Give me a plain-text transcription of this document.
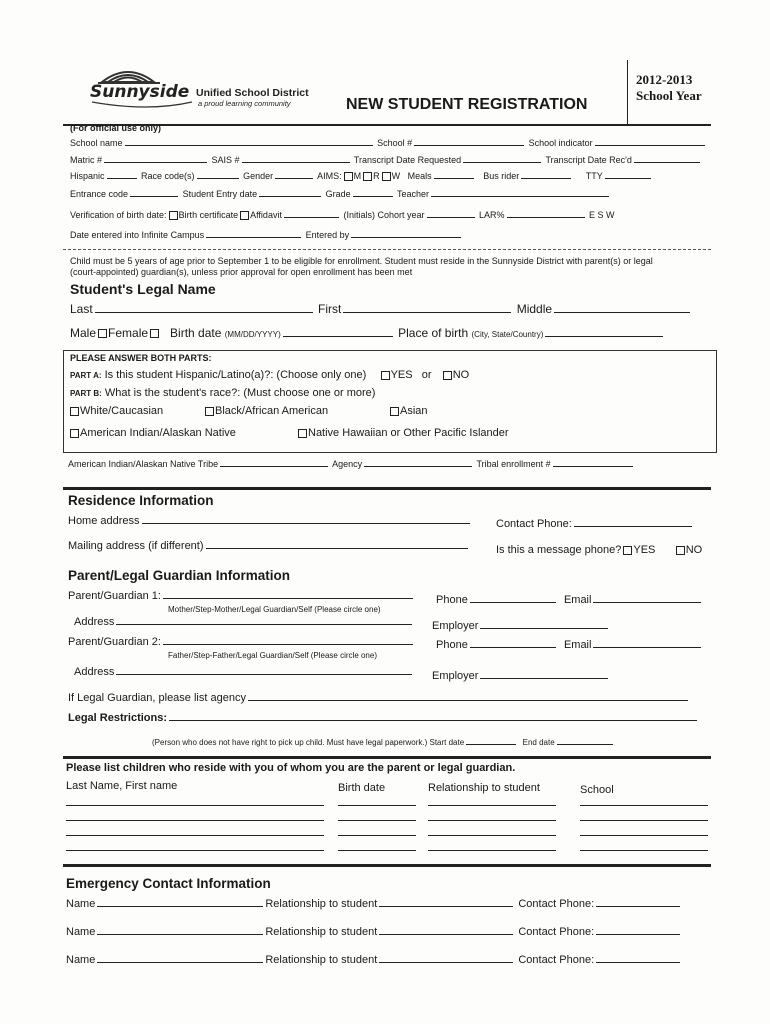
Sunnyside Unified School District
a proud learning community	NEW STUDENT REGISTRATION
2012-2013
School Year
(For official use only)
School name	School #	School indicator
Matric #	SAIS #	Transcript Date Requested	Transcript Date Rec'd
Hispanic	Race code(s)	Gender	AIMS: M R W Meals	Bus rider	TTY
Entrance code	Student Entry date	Grade	Teacher
Verification of birth date: Birth certificate Affidavit	(Initials) Cohort year	LAR%	E S W
Date entered into Infinite Campus	Entered by
Child must be 5 years of age prior to September 1 to be eligible for enrollment. Student must reside in the Sunnyside District with parent(s) or legal
(court-appointed) guardian(s), unless prior approval for open enrollment has been met
Student's Legal Name
Last	First	Middle
Male Female Birth date (MM/DD/YYYY)	Place of birth (City, State/Country)
PLEASE ANSWER BOTH PARTS:
PART A: Is this student Hispanic/Latino(a)?: (Choose only one) YES or NO
PART B: What is the student's race?: (Must choose one or more)
White/Caucasian	Black/African American	Asian
American Indian/Alaskan Native	Native Hawaiian or Other Pacific Islander
American Indian/Alaskan Native Tribe	Agency	Tribal enrollment #
Residence Information
Home address	Contact Phone:
Mailing address (if different)	Is this a message phone? YES	NO
Parent/Legal Guardian Information
Parent/Guardian 1:	Phone	Email
Mother/Step-Mother/Legal Guardian/Self (Please circle one)
Address	Employer
Parent/Guardian 2:	Phone	Email
Father/Step-Father/Legal Guardian/Self (Please circle one)
Address	Employer
If Legal Guardian, please list agency
Legal Restrictions:
(Person who does not have right to pick up child. Must have legal paperwork.) Start date	End date
Please list children who reside with you of whom you are the parent or legal guardian.
Last Name, First name	Birth date	Relationship to student	School
Emergency Contact Information
Name	Relationship to student	Contact Phone:
Name	Relationship to student	Contact Phone:
Name	Relationship to student	Contact Phone:
